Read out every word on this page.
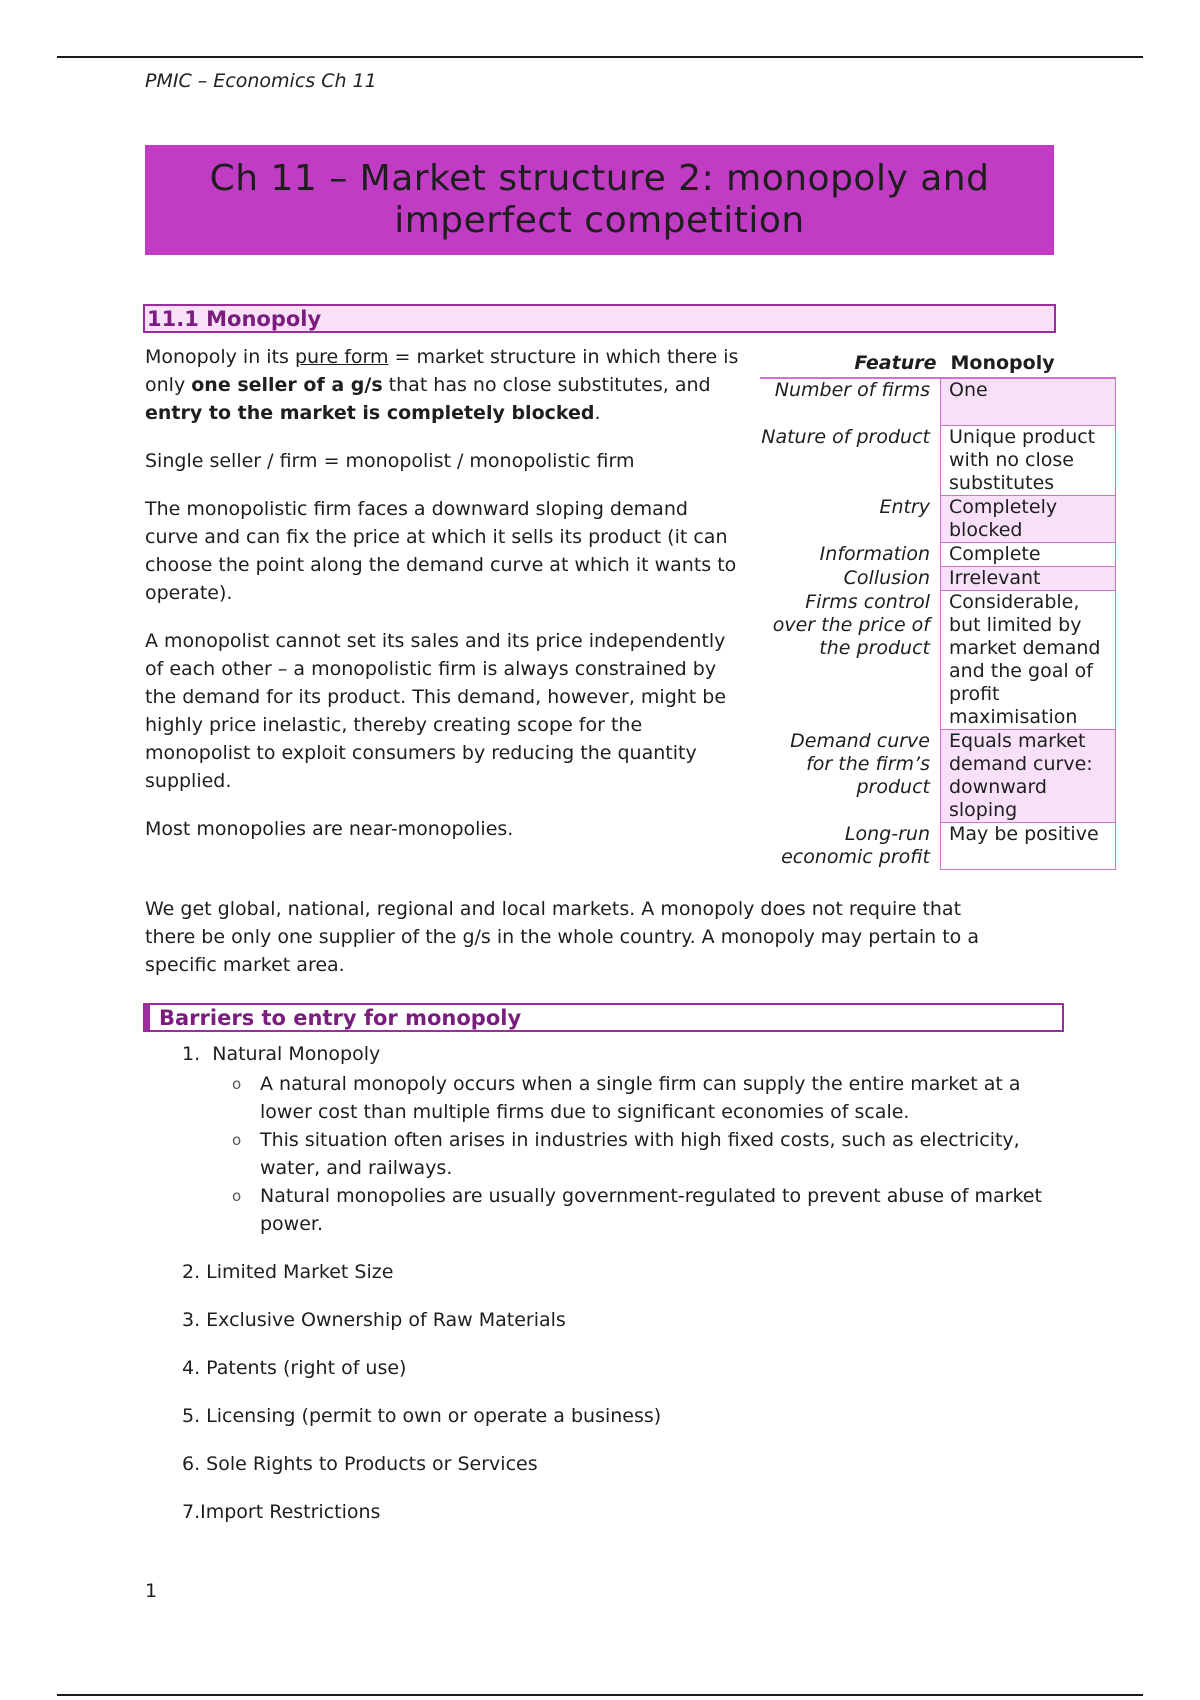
PMIC – Economics Ch 11
Ch 11 – Market structure 2: monopoly and imperfect competition
11.1 Monopoly

Monopoly in its pure form = market structure in which there is only one seller of a g/s that has no close substitutes, and entry to the market is completely blocked.

Single seller / firm = monopolist / monopolistic firm

The monopolistic firm faces a downward sloping demand curve and can fix the price at which it sells its product (it can choose the point along the demand curve at which it wants to operate).

A monopolist cannot set its sales and its price independently of each other – a monopolistic firm is always constrained by the demand for its product. This demand, however, might be highly price inelastic, thereby creating scope for the monopolist to exploit consumers by reducing the quantity supplied.

Most monopolies are near-monopolies.

We get global, national, regional and local markets. A monopoly does not require that there be only one supplier of the g/s in the whole country. A monopoly may pertain to a specific market area.
Feature	Monopoly
Number of firms	One
Nature of product	Unique product with no close substitutes
Entry	Completely blocked
Information	Complete
Collusion	Irrelevant
Firms control over the price of the product	Considerable, but limited by market demand and the goal of profit maximisation
Demand curve for the firm’s product	Equals market demand curve: downward sloping
Long-run economic profit	May be positive
Barriers to entry for monopoly
1. Natural Monopoly
o A natural monopoly occurs when a single firm can supply the entire market at a lower cost than multiple firms due to significant economies of scale.
o This situation often arises in industries with high fixed costs, such as electricity, water, and railways.
o Natural monopolies are usually government-regulated to prevent abuse of market power.
2. Limited Market Size
3. Exclusive Ownership of Raw Materials
4. Patents (right of use)
5. Licensing (permit to own or operate a business)
6. Sole Rights to Products or Services
7.Import Restrictions
1
